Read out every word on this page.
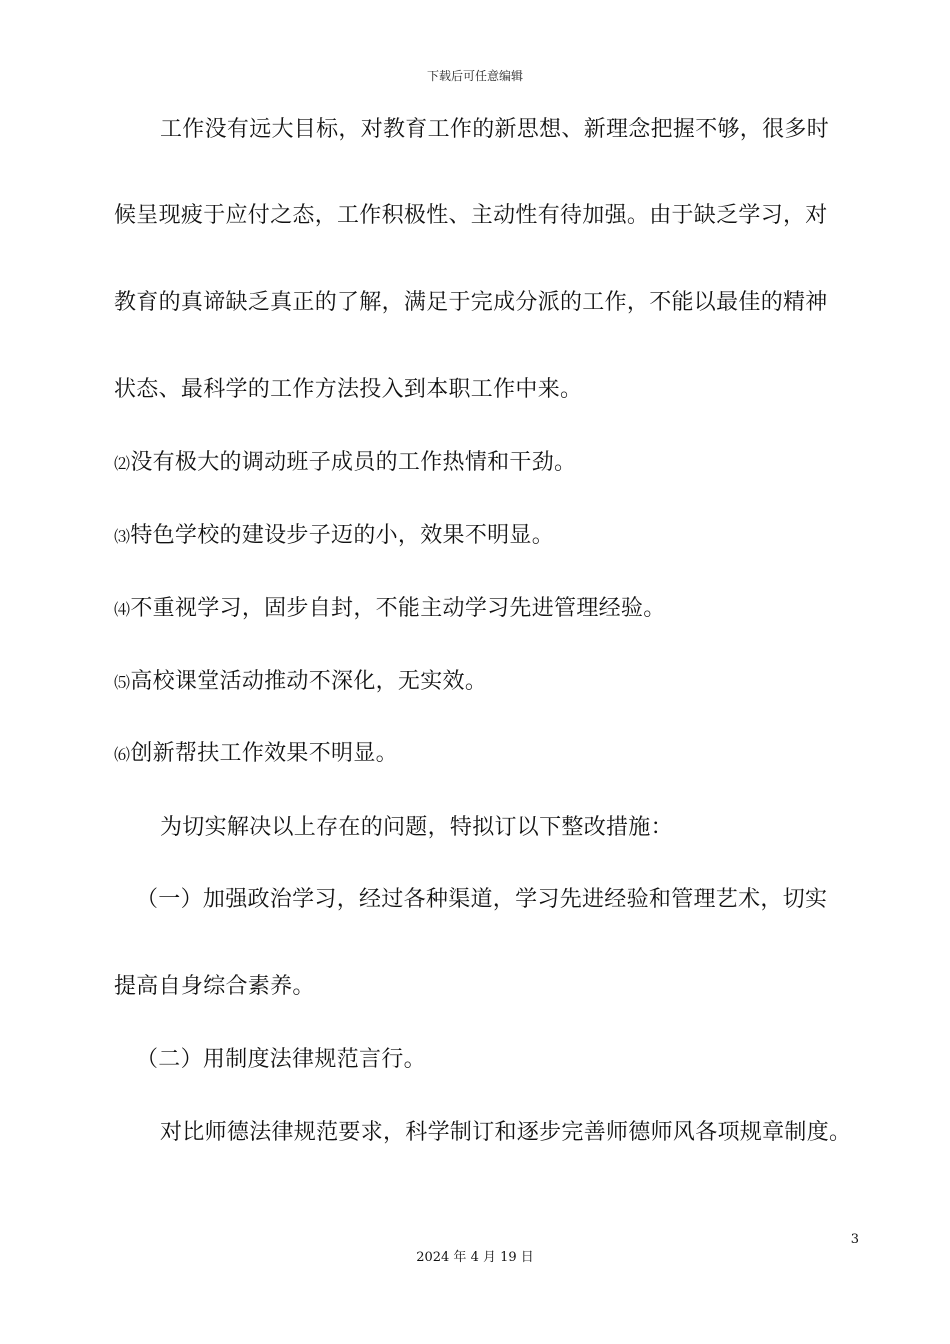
下载后可任意编辑
工作没有远大目标，对教育工作的新思想、新理念把握不够，很多时
候呈现疲于应付之态，工作积极性、主动性有待加强。由于缺乏学习，对
教育的真谛缺乏真正的了解，满足于完成分派的工作，不能以最佳的精神
状态、最科学的工作方法投入到本职工作中来。
⑵没有极大的调动班子成员的工作热情和干劲。
⑶特色学校的建设步子迈的小，效果不明显。
⑷不重视学习，固步自封，不能主动学习先进管理经验。
⑸高校课堂活动推动不深化，无实效。
⑹创新帮扶工作效果不明显。
为切实解决以上存在的问题，特拟订以下整改措施：
（一）加强政治学习，经过各种渠道，学习先进经验和管理艺术，切实
提高自身综合素养。
（二）用制度法律规范言行。
对比师德法律规范要求，科学制订和逐步完善师德师风各项规章制度。
3
2024 年 4 月 19 日
